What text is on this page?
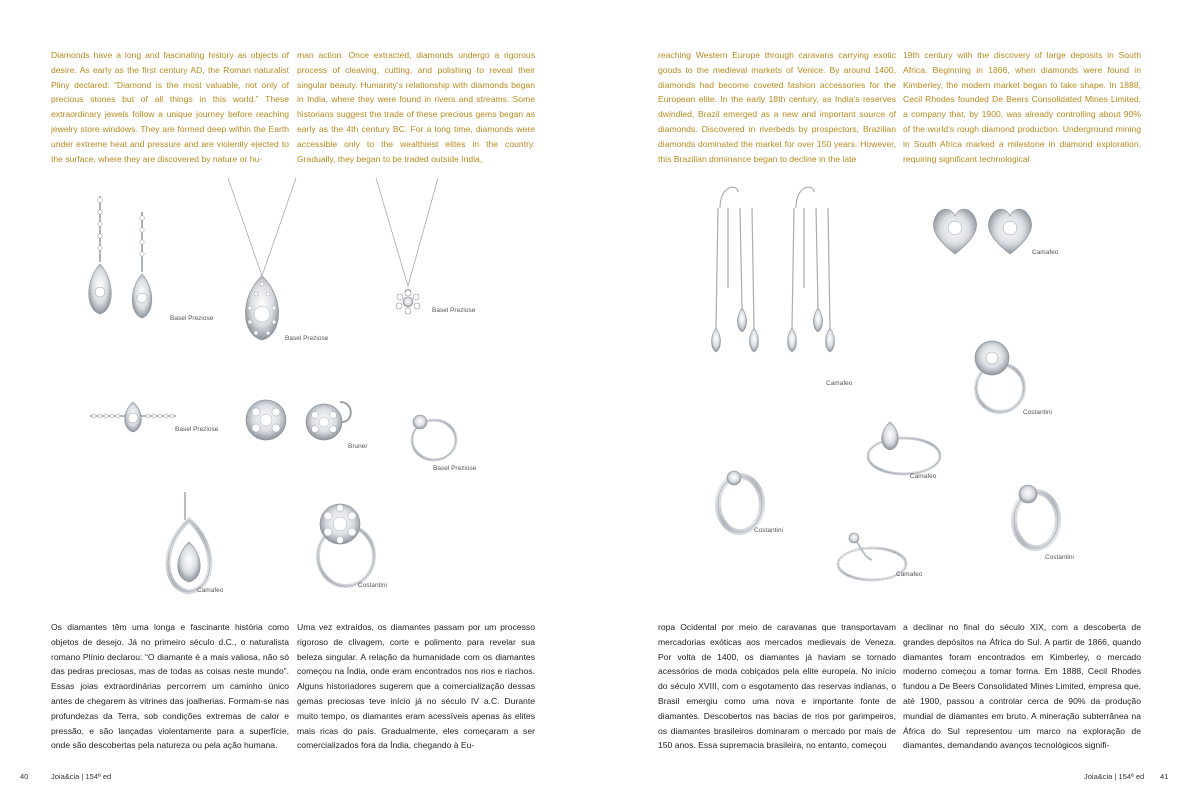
Diamonds have a long and fascinating history as objects of desire. As early as the first century AD, the Roman naturalist Pliny declared: “Diamond is the most valuable, not only of precious stones but of all things in this world.” These extraordinary jewels follow a unique journey before reaching jewelry store windows. They are formed deep within the Earth under extreme heat and pressure and are violently ejected to the surface, where they are discovered by nature or hu-

man action. Once extracted, diamonds undergo a rigorous process of cleaving, cutting, and polishing to reveal their singular beauty. Humanity’s relationship with diamonds began in India, where they were found in rivers and streams. Some historians suggest the trade of these precious gems began as early as the 4th century BC. For a long time, diamonds were accessible only to the wealthiest elites in the country. Gradually, they began to be traded outside India,

Basel Preziose
Basel Preziose
Basel Preziose
Basel Preziose
Bruner
Basel Preziose
Camafeo
Costantini

Os diamantes têm uma longa e fascinante história como objetos de desejo. Já no primeiro século d.C., o naturalista romano Plínio declarou: “O diamante é a mais valiosa, não só das pedras preciosas, mas de todas as coisas neste mundo”. Essas joias extraordinárias percorrem um caminho único antes de chegarem às vitrines das joalherias. Formam-se nas profundezas da Terra, sob condições extremas de calor e pressão, e são lançadas violentamente para a superfície, onde são descobertas pela natureza ou pela ação humana.

Uma vez extraídos, os diamantes passam por um processo rigoroso de clivagem, corte e polimento para revelar sua beleza singular. A relação da humanidade com os diamantes começou na Índia, onde eram encontrados nos rios e riachos. Alguns historiadores sugerem que a comercialização dessas gemas preciosas teve início já no século IV a.C. Durante muito tempo, os diamantes eram acessíveis apenas às elites mais ricas do país. Gradualmente, eles começaram a ser comercializados fora da Índia, chegando à Eu-

40	Joia&cia | 154ª ed

reaching Western Europe through caravans carrying exotic goods to the medieval markets of Venice. By around 1400, diamonds had become coveted fashion accessories for the European elite. In the early 18th century, as India’s reserves dwindled, Brazil emerged as a new and important source of diamonds. Discovered in riverbeds by prospectors, Brazilian diamonds dominated the market for over 150 years. However, this Brazilian dominance began to decline in the late

19th century with the discovery of large deposits in South Africa. Beginning in 1866, when diamonds were found in Kimberley, the modern market began to take shape. In 1888, Cecil Rhodes founded De Beers Consolidated Mines Limited, a company that, by 1900, was already controlling about 90% of the world’s rough diamond production. Underground mining in South Africa marked a milestone in diamond exploration, requiring significant technological

Camafeo
Camafeo
Costantini
Camafeo
Costantini
Costantini
Camafeo

ropa Ocidental por meio de caravanas que transportavam mercadorias exóticas aos mercados medievais de Veneza. Por volta de 1400, os diamantes já haviam se tornado acessórios de moda cobiçados pela elite europeia. No início do século XVIII, com o esgotamento das reservas indianas, o Brasil emergiu como uma nova e importante fonte de diamantes. Descobertos nas bacias de rios por garimpeiros, os diamantes brasileiros dominaram o mercado por mais de 150 anos. Essa supremacia brasileira, no entanto, começou

a declinar no final do século XIX, com a descoberta de grandes depósitos na África do Sul. A partir de 1866, quando diamantes foram encontrados em Kimberley, o mercado moderno começou a tomar forma. Em 1888, Cecil Rhodes fundou a De Beers Consolidated Mines Limited, empresa que, até 1900, passou a controlar cerca de 90% da produção mundial de diamantes em bruto. A mineração subterrânea na África do Sul representou um marco na exploração de diamantes, demandando avanços tecnológicos signifi-

Joia&cia | 154ª ed 41
